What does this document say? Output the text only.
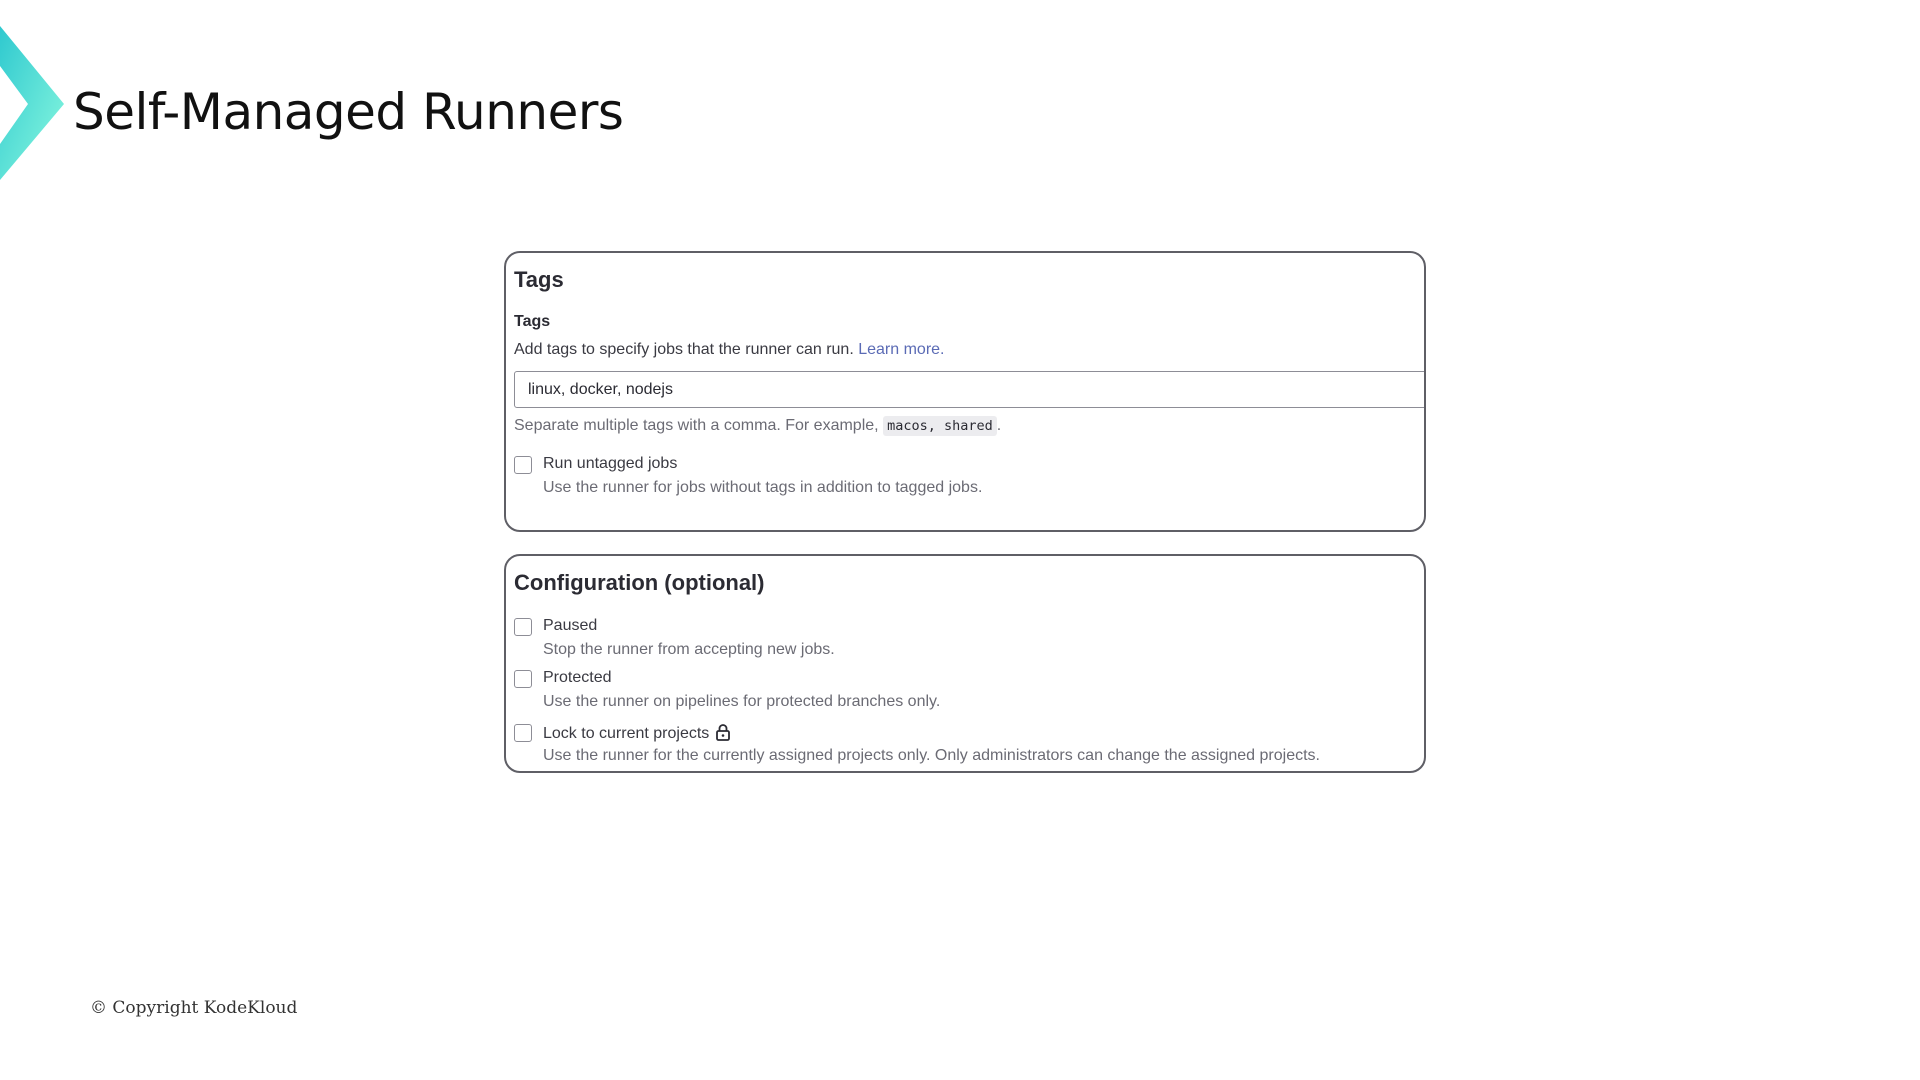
Self-Managed Runners
Tags
Tags
Add tags to specify jobs that the runner can run. Learn more.
linux, docker, nodejs
Separate multiple tags with a comma. For example, macos, shared .
Run untagged jobs
Use the runner for jobs without tags in addition to tagged jobs.
Configuration (optional)
Paused
Stop the runner from accepting new jobs.
Protected
Use the runner on pipelines for protected branches only.
Lock to current projects
Use the runner for the currently assigned projects only. Only administrators can change the assigned projects.
© Copyright KodeKloud
